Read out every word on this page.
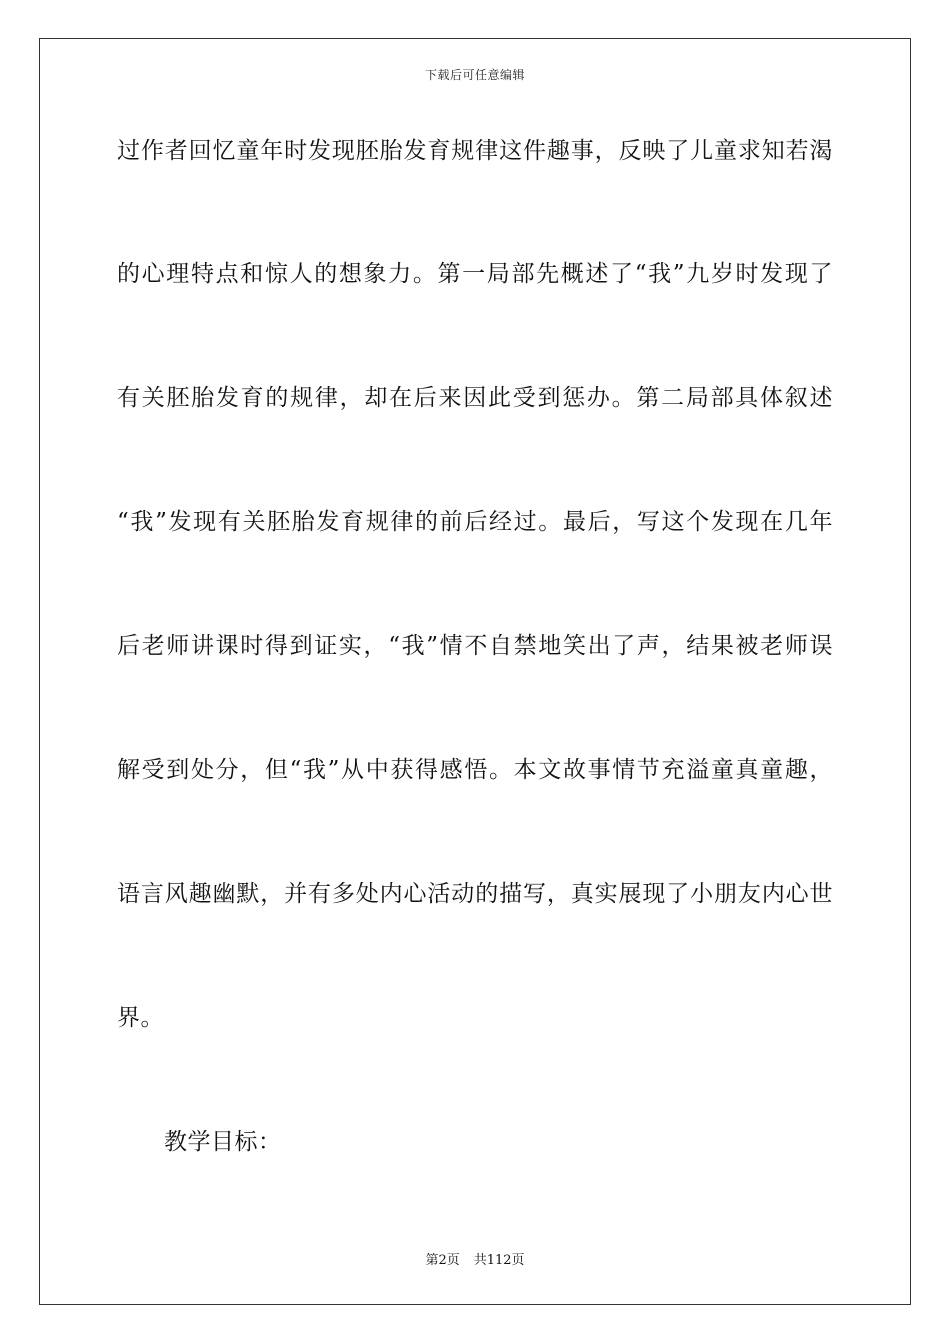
下载后可任意编辑
过作者回忆童年时发现胚胎发育规律这件趣事，反映了儿童求知若渴
的心理特点和惊人的想象力。第一局部先概述了“我”九岁时发现了
有关胚胎发育的规律，却在后来因此受到惩办。第二局部具体叙述
“我”发现有关胚胎发育规律的前后经过。最后，写这个发现在几年
后老师讲课时得到证实，“我”情不自禁地笑出了声，结果被老师误
解受到处分，但“我”从中获得感悟。本文故事情节充溢童真童趣，
语言风趣幽默，并有多处内心活动的描写，真实展现了小朋友内心世
界。
教学目标：
第2页 共112页
